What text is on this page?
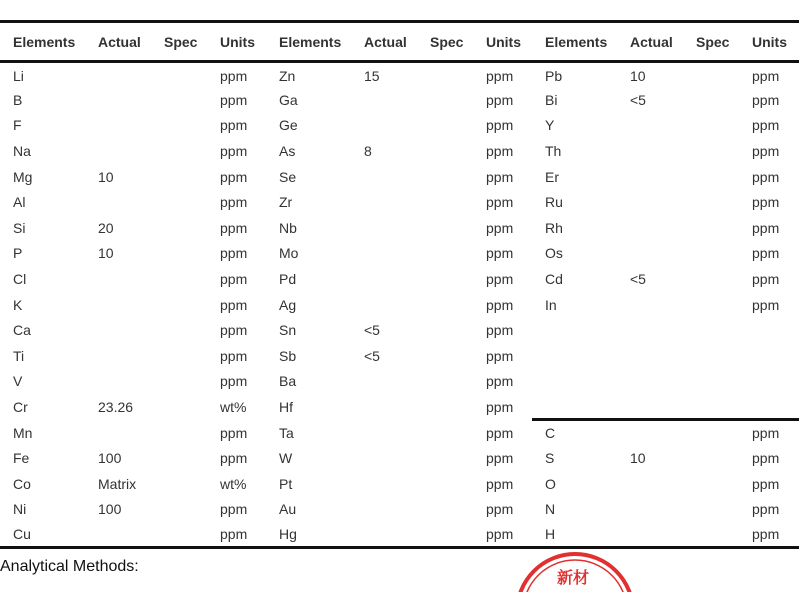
Elements	Actual	Spec	Units	Elements	Actual	Spec	Units	Elements	Actual	Spec	Units
Li			ppm	Zn	15		ppm	Pb	10		ppm
B			ppm	Ga			ppm	Bi	<5		ppm
F			ppm	Ge			ppm	Y			ppm
Na			ppm	As	8		ppm	Th			ppm
Mg	10		ppm	Se			ppm	Er			ppm
Al			ppm	Zr			ppm	Ru			ppm
Si	20		ppm	Nb			ppm	Rh			ppm
P	10		ppm	Mo			ppm	Os			ppm
Cl			ppm	Pd			ppm	Cd	<5		ppm
K			ppm	Ag			ppm	In			ppm
Ca			ppm	Sn	<5		ppm				
Ti			ppm	Sb	<5		ppm				
V			ppm	Ba			ppm				
Cr	23.26		wt%	Hf			ppm				
Mn			ppm	Ta			ppm	C			ppm
Fe	100		ppm	W			ppm	S	10		ppm
Co	Matrix		wt%	Pt			ppm	O			ppm
Ni	100		ppm	Au			ppm	N			ppm
Cu			ppm	Hg			ppm	H			ppm
Analytical Methods:
新材
